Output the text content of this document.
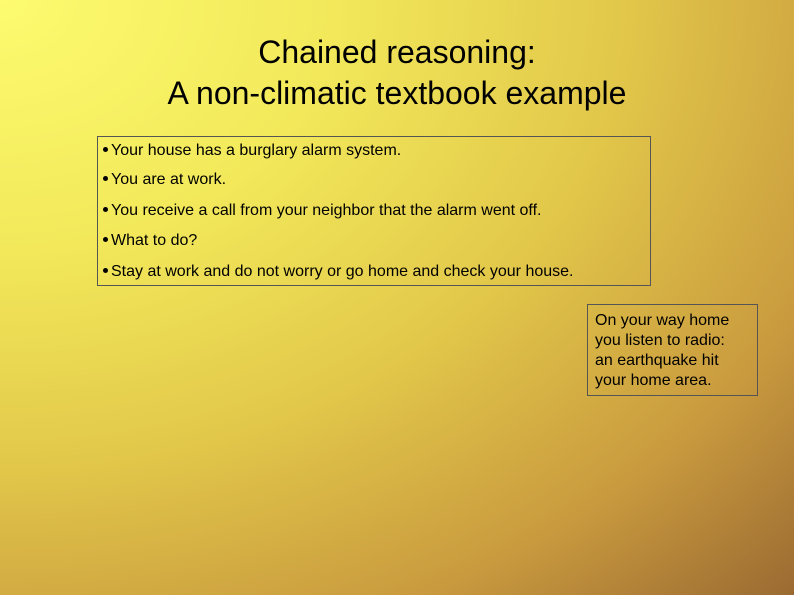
Chained reasoning:
A non-climatic textbook example
Your house has a burglary alarm system.
You are at work.
You receive a call from your neighbor that the alarm went off.
What to do?
Stay at work and do not worry or go home and check your house.
On your way home
you listen to radio:
an earthquake hit
your home area.
